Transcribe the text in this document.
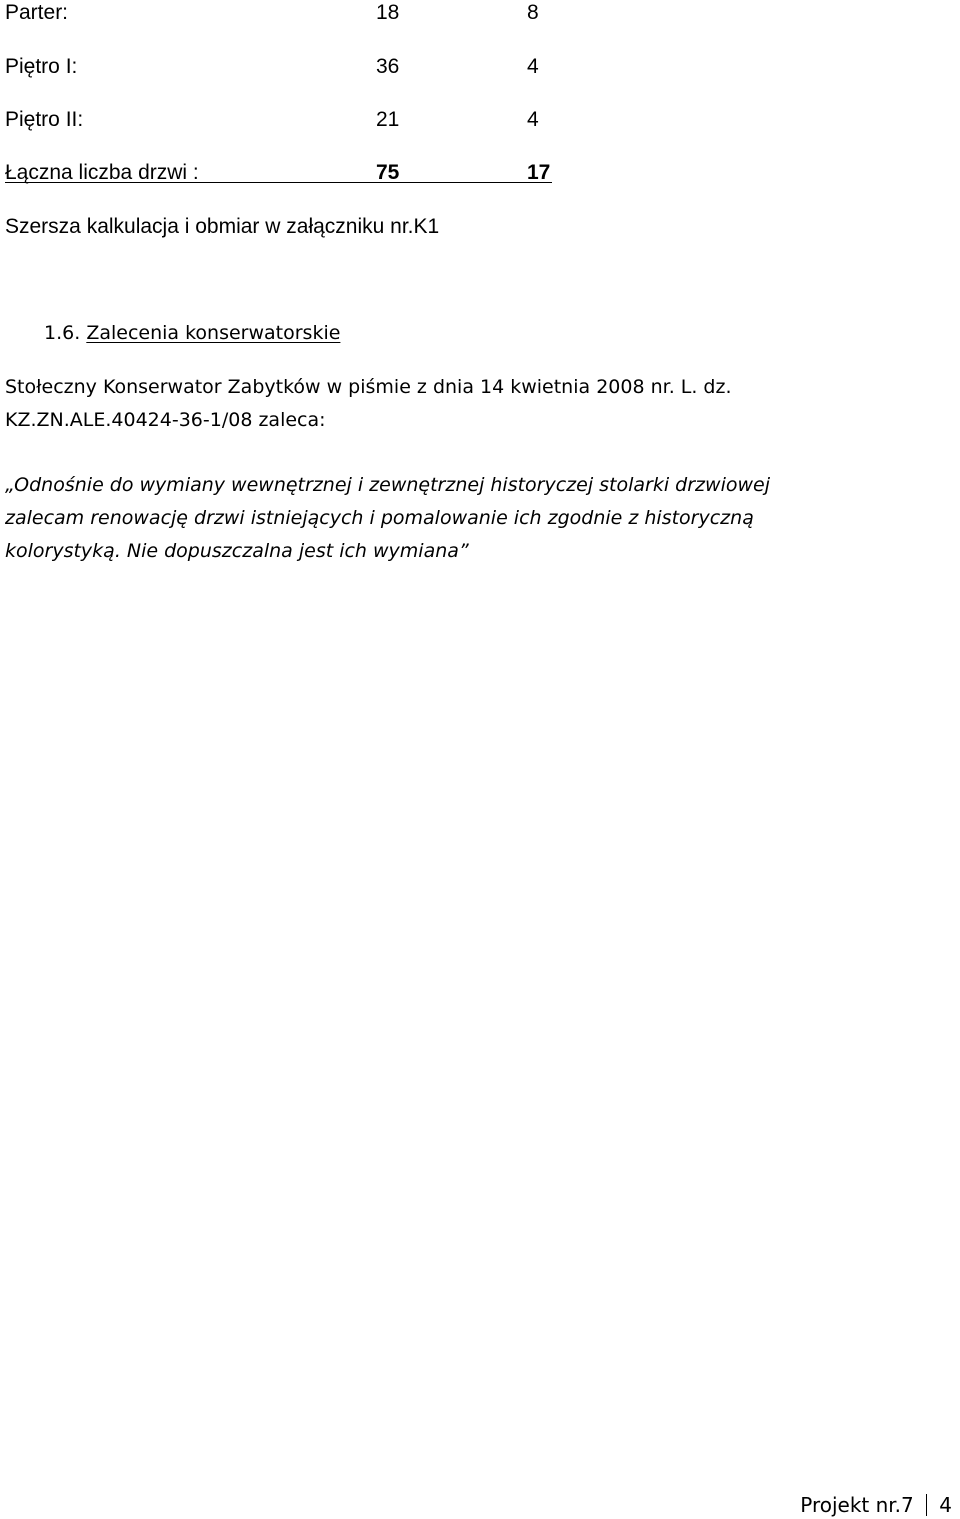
Parter:	18	8
Piętro I:	36	4
Piętro II:	21	4
Łączna liczba drzwi :	75	17
Szersza kalkulacja i obmiar w załączniku nr.K1
1.6. Zalecenia konserwatorskie
Stołeczny Konserwator Zabytków w piśmie z dnia 14 kwietnia 2008 nr. L. dz.
KZ.ZN.ALE.40424-36-1/08 zaleca:
„Odnośnie do wymiany wewnętrznej i zewnętrznej historyczej stolarki drzwiowej
zalecam renowację drzwi istniejących i pomalowanie ich zgodnie z historyczną
kolorystyką. Nie dopuszczalna jest ich wymiana”
Projekt nr.7 4
